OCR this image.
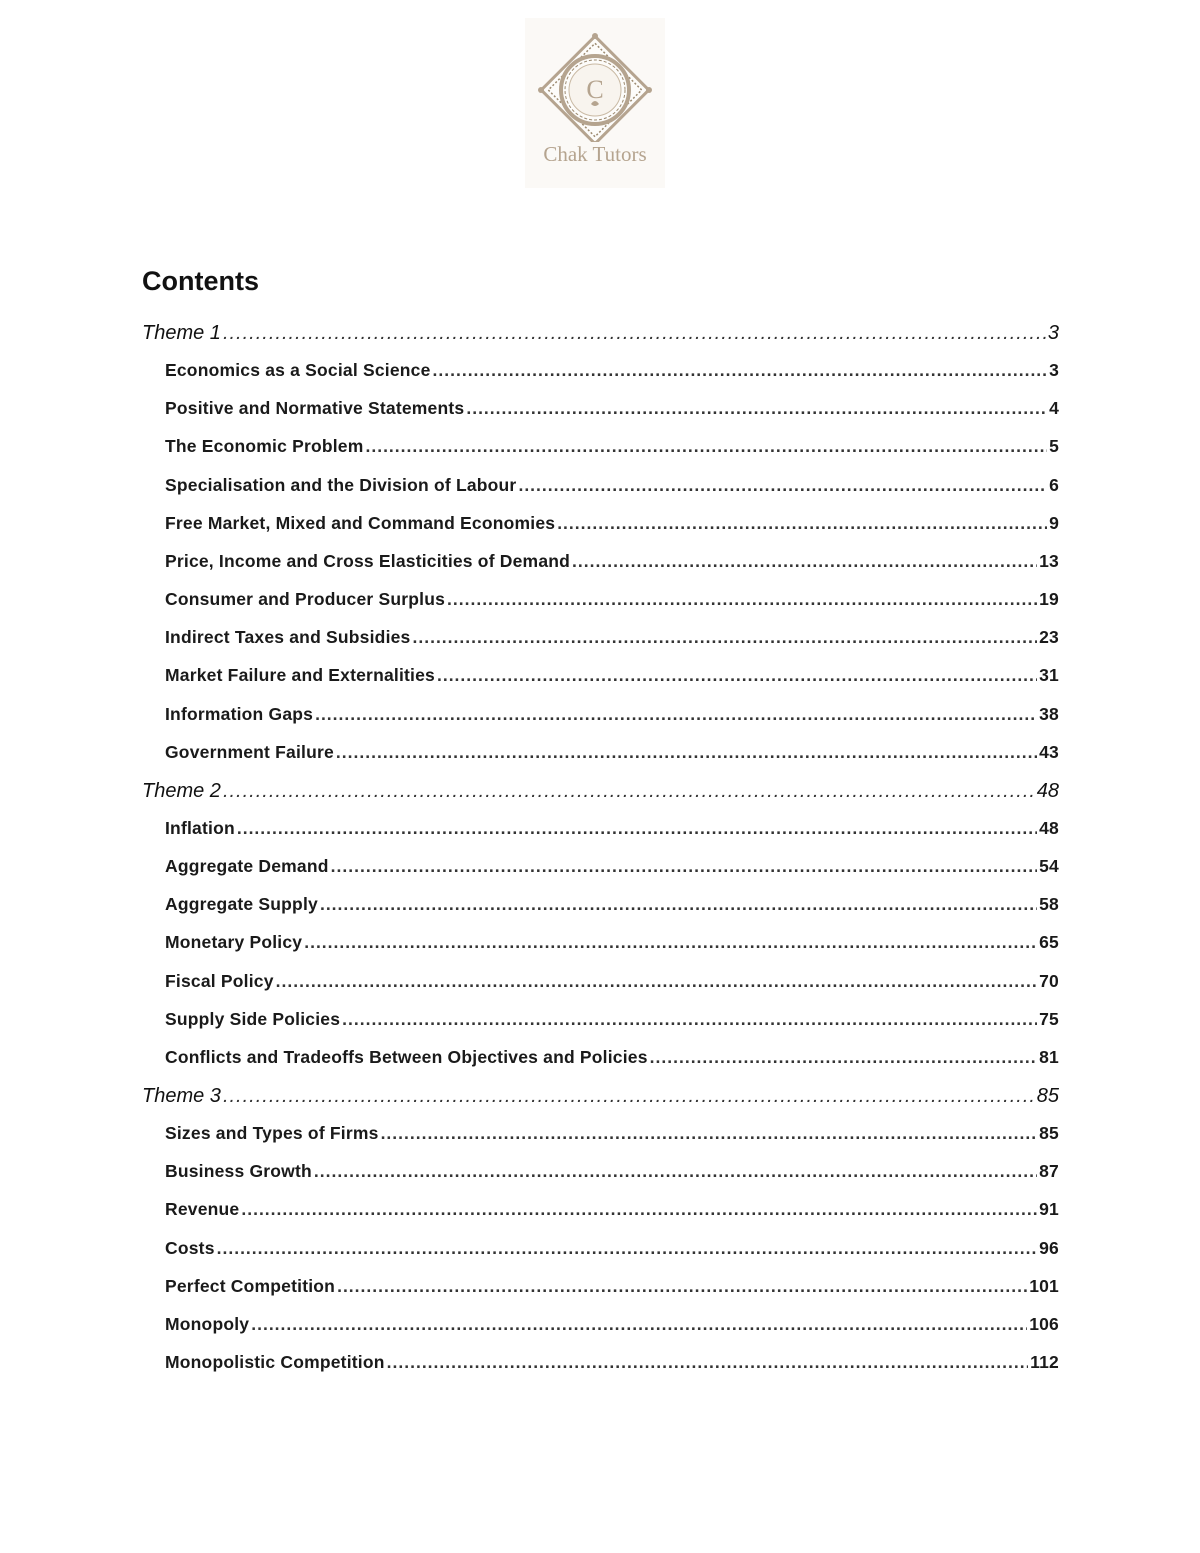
C
Chak Tutors
Contents
Theme 1 .....	3
Economics as a Social Science .....	3
Positive and Normative Statements .....	4
The Economic Problem .....	5
Specialisation and the Division of Labour .....	6
Free Market, Mixed and Command Economies .....	9
Price, Income and Cross Elasticities of Demand .....	13
Consumer and Producer Surplus .....	19
Indirect Taxes and Subsidies .....	23
Market Failure and Externalities .....	31
Information Gaps .....	38
Government Failure .....	43
Theme 2 .....	48
Inflation .....	48
Aggregate Demand .....	54
Aggregate Supply .....	58
Monetary Policy .....	65
Fiscal Policy .....	70
Supply Side Policies .....	75
Conflicts and Tradeoffs Between Objectives and Policies .....	81
Theme 3 .....	85
Sizes and Types of Firms .....	85
Business Growth .....	87
Revenue .....	91
Costs .....	96
Perfect Competition .....	101
Monopoly .....	106
Monopolistic Competition .....	112
